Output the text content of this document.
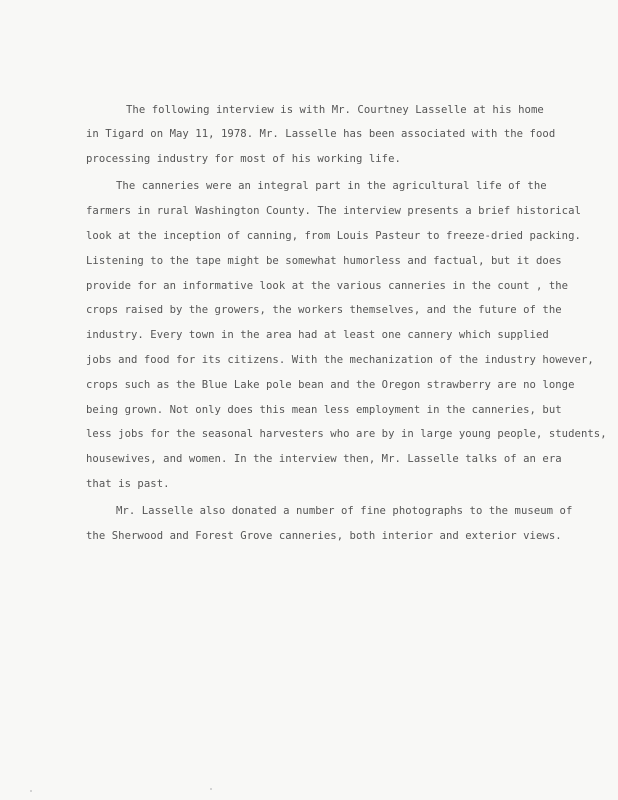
The following interview is with Mr. Courtney Lasselle at his home
in Tigard on May 11, 1978. Mr. Lasselle has been associated with the food
processing industry for most of his working life.
The canneries were an integral part in the agricultural life of the
farmers in rural Washington County. The interview presents a brief historical
look at the inception of canning, from Louis Pasteur to freeze-dried packing.
Listening to the tape might be somewhat humorless and factual, but it does
provide for an informative look at the various canneries in the count , the
crops raised by the growers, the workers themselves, and the future of the
industry. Every town in the area had at least one cannery which supplied
jobs and food for its citizens. With the mechanization of the industry however,
crops such as the Blue Lake pole bean and the Oregon strawberry are no longe
being grown. Not only does this mean less employment in the canneries, but
less jobs for the seasonal harvesters who are by in large young people, students,
housewives, and women. In the interview then, Mr. Lasselle talks of an era
that is past.
Mr. Lasselle also donated a number of fine photographs to the museum of
the Sherwood and Forest Grove canneries, both interior and exterior views.
